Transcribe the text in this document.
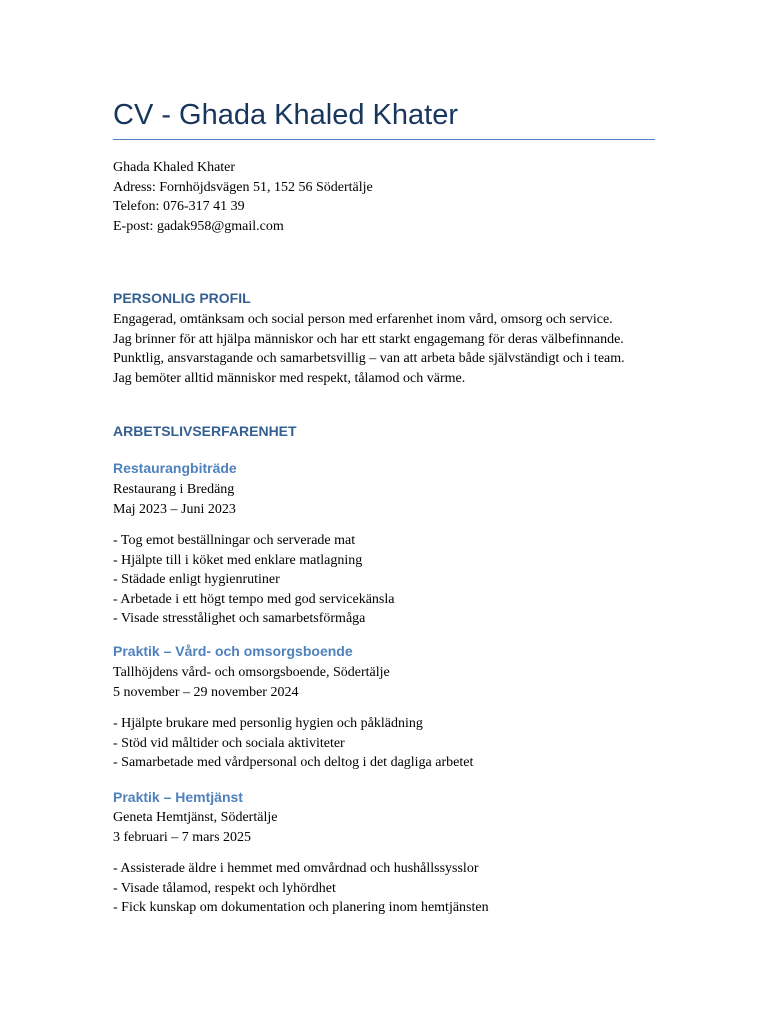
CV - Ghada Khaled Khater
Ghada Khaled Khater
Adress: Fornhöjdsvägen 51, 152 56 Södertälje
Telefon: 076-317 41 39
E-post: gadak958@gmail.com
PERSONLIG PROFIL
Engagerad, omtänksam och social person med erfarenhet inom vård, omsorg och service.
Jag brinner för att hjälpa människor och har ett starkt engagemang för deras välbefinnande.
Punktlig, ansvarstagande och samarbetsvillig – van att arbeta både självständigt och i team.
Jag bemöter alltid människor med respekt, tålamod och värme.
ARBETSLIVSERFARENHET
Restaurangbiträde
Restaurang i Bredäng
Maj 2023 – Juni 2023
- Tog emot beställningar och serverade mat
- Hjälpte till i köket med enklare matlagning
- Städade enligt hygienrutiner
- Arbetade i ett högt tempo med god servicekänsla
- Visade stresstålighet och samarbetsförmåga
Praktik – Vård- och omsorgsboende
Tallhöjdens vård- och omsorgsboende, Södertälje
5 november – 29 november 2024
- Hjälpte brukare med personlig hygien och påklädning
- Stöd vid måltider och sociala aktiviteter
- Samarbetade med vårdpersonal och deltog i det dagliga arbetet
Praktik – Hemtjänst
Geneta Hemtjänst, Södertälje
3 februari – 7 mars 2025
- Assisterade äldre i hemmet med omvårdnad och hushållssysslor
- Visade tålamod, respekt och lyhördhet
- Fick kunskap om dokumentation och planering inom hemtjänsten
